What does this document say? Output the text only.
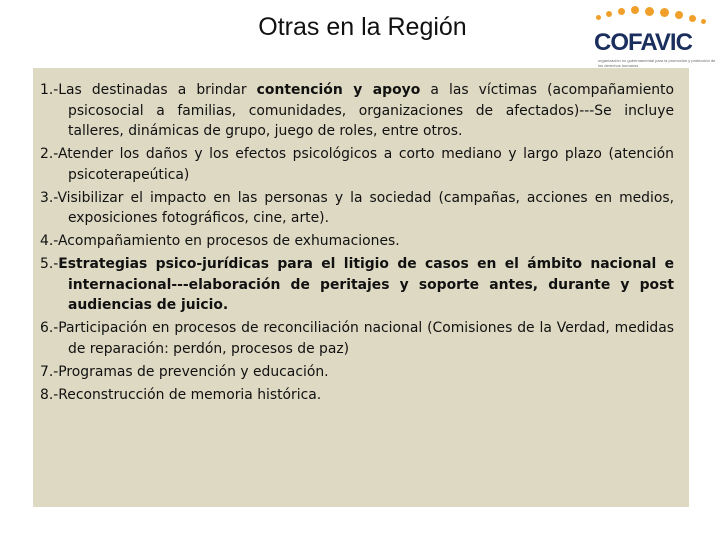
Otras en la Región
COFAVIC
organización no gubernamental para la promoción y protección de los derechos humanos
1.-Las destinadas a brindar contención y apoyo a las víctimas (acompañamiento psicosocial a familias, comunidades, organizaciones de afectados)---Se incluye talleres, dinámicas de grupo, juego de roles, entre otros.
2.-Atender los daños y los efectos psicológicos a corto mediano y largo plazo (atención psicoterapeútica)
3.-Visibilizar el impacto en las personas y la sociedad (campañas, acciones en medios, exposiciones fotográficos, cine, arte).
4.-Acompañamiento en procesos de exhumaciones.
5.-Estrategias psico-jurídicas para el litigio de casos en el ámbito nacional e internacional---elaboración de peritajes y soporte antes, durante y post audiencias de juicio.
6.-Participación en procesos de reconciliación nacional (Comisiones de la Verdad, medidas de reparación: perdón, procesos de paz)
7.-Programas de prevención y educación.
8.-Reconstrucción de memoria histórica.
